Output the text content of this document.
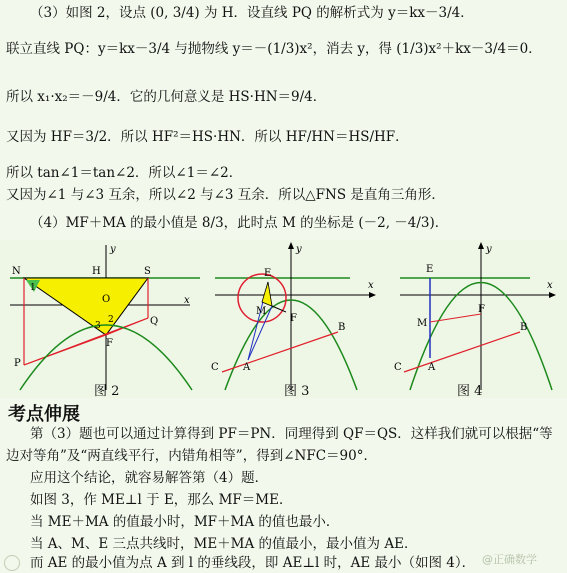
（3）如图 2，设点 (0, 3/4) 为 H．设直线 PQ 的解析式为 y＝kx－3/4．
联立直线 PQ：y＝kx－3/4 与抛物线 y＝－(1/3)x²，消去 y，得 (1/3)x²＋kx－3/4＝0．
所以 x₁·x₂＝－9/4．它的几何意义是 HS·HN＝9/4．
又因为 HF＝3/2．所以 HF²＝HS·HN．所以 HF/HN＝HS/HF．
所以 tan∠1＝tan∠2．所以∠1＝∠2．
又因为∠1 与∠3 互余，所以∠2 与∠3 互余．所以△FNS 是直角三角形．
（4）MF＋MA 的最小值是 8/3，此时点 M 的坐标是 (－2, －4/3)．
N	H	S
y
x
O
1
2
3	Q
F
P
y
E
x
M
F
B
C A
y
E
x
M
F
B
C	A
图 2	图 3	图 4
考点伸展
第（3）题也可以通过计算得到 PF＝PN．同理得到 QF＝QS．这样我们就可以根据“等
边对等角”及“两直线平行，内错角相等”，得到∠NFC＝90°．
应用这个结论，就容易解答第（4）题．
如图 3，作 ME⊥l 于 E，那么 MF＝ME．
当 ME＋MA 的值最小时，MF＋MA 的值也最小．
当 A、M、E 三点共线时，ME＋MA 的值最小，最小值为 AE．
而 AE 的最小值为点 A 到 l 的垂线段，即 AE⊥l 时，AE 最小（如图 4）． @正确数学
